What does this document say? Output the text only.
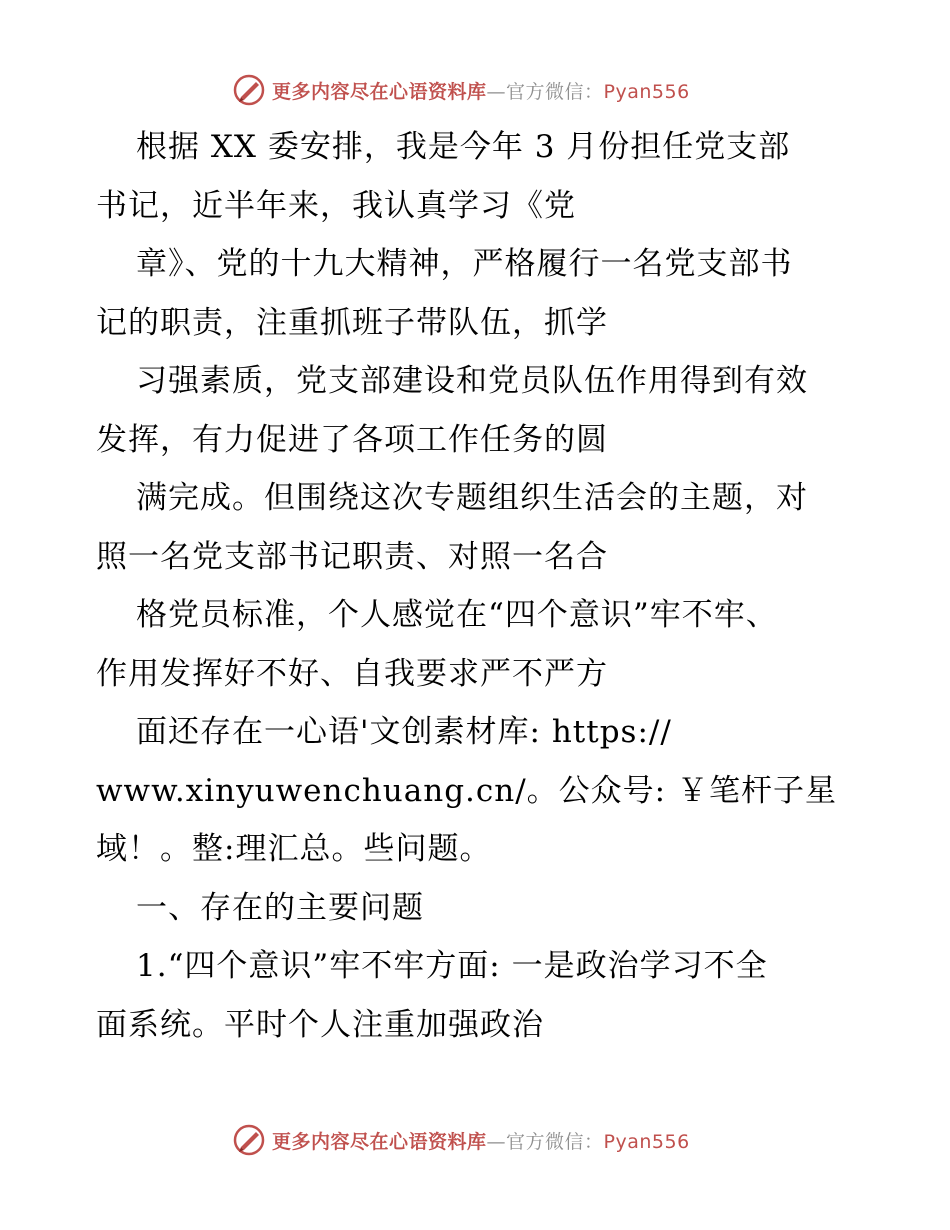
更多内容尽在心语资料库—官方微信：Pyan556
根据 XX 委安排，我是今年 3 月份担任党支部
书记，近半年来，我认真学习《党
章》、党的十九大精神，严格履行一名党支部书
记的职责，注重抓班子带队伍，抓学
习强素质，党支部建设和党员队伍作用得到有效
发挥，有力促进了各项工作任务的圆
满完成。但围绕这次专题组织生活会的主题，对
照一名党支部书记职责、对照一名合
格党员标准，个人感觉在“四个意识”牢不牢、
作用发挥好不好、自我要求严不严方
面还存在一心语'文创素材库: https://
www.xinyuwenchuang.cn/。公众号: ￥笔杆子星
域！。整:理汇总。些问题。
一、存在的主要问题
1.“四个意识”牢不牢方面: 一是政治学习不全
面系统。平时个人注重加强政治
更多内容尽在心语资料库—官方微信：Pyan556
